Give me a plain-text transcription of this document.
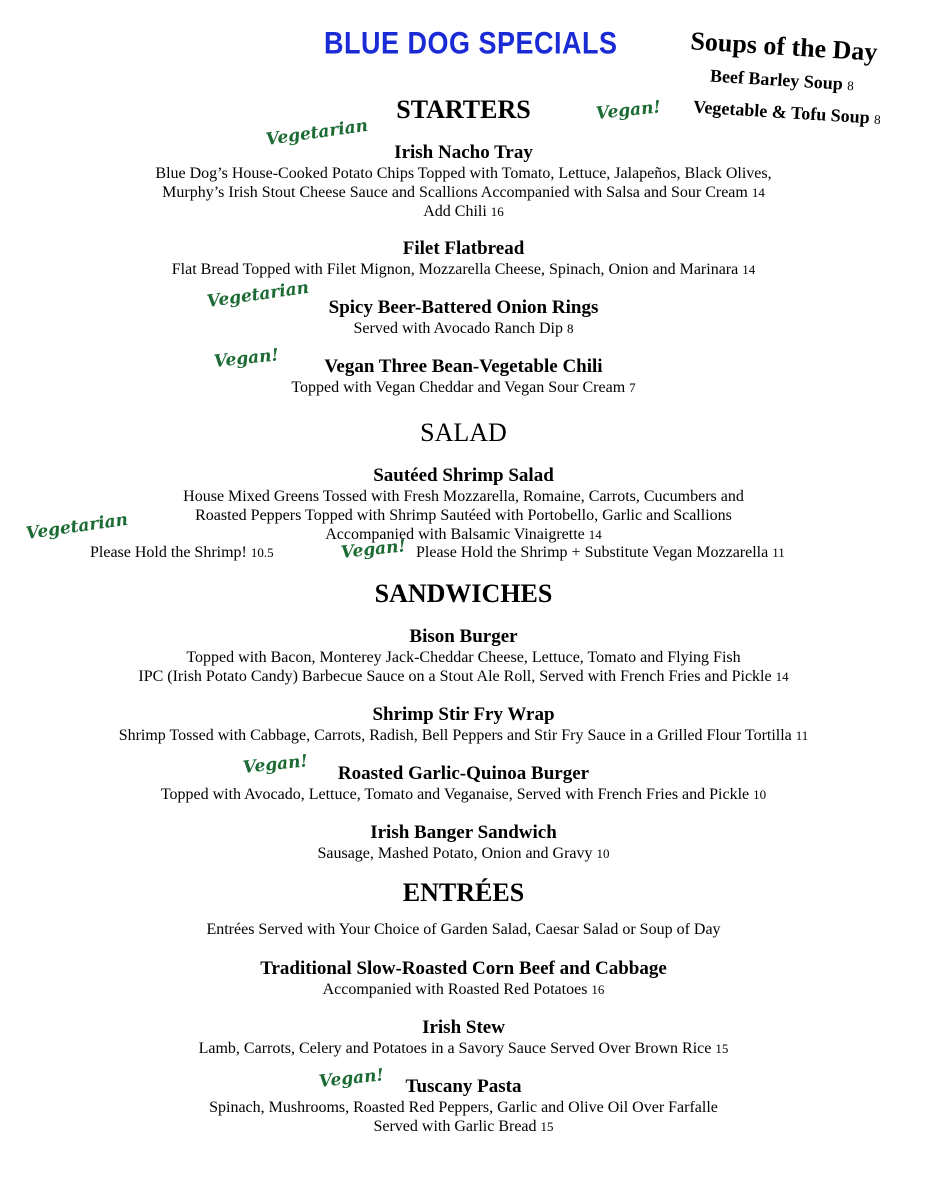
BLUE DOG SPECIALS	Soups of the Day
Beef Barley Soup 8
Vegetable & Tofu Soup 8
Vegan!
STARTERS
Vegetarian
Irish Nacho Tray
Blue Dog’s House-Cooked Potato Chips Topped with Tomato, Lettuce, Jalapeños, Black Olives,
Murphy’s Irish Stout Cheese Sauce and Scallions Accompanied with Salsa and Sour Cream 14
Add Chili 16
Filet Flatbread
Flat Bread Topped with Filet Mignon, Mozzarella Cheese, Spinach, Onion and Marinara 14
Vegetarian Spicy Beer-Battered Onion Rings
Served with Avocado Ranch Dip 8
Vegan!	Vegan Three Bean-Vegetable Chili
Topped with Vegan Cheddar and Vegan Sour Cream 7
SALAD
Sautéed Shrimp Salad
House Mixed Greens Tossed with Fresh Mozzarella, Romaine, Carrots, Cucumbers and
Roasted Peppers Topped with Shrimp Sautéed with Portobello, Garlic and Scallions
Accompanied with Balsamic Vinaigrette 14
Vegetarian
Please Hold the Shrimp! 10.5	Vegan! Please Hold the Shrimp + Substitute Vegan Mozzarella 11
SANDWICHES
Bison Burger
Topped with Bacon, Monterey Jack-Cheddar Cheese, Lettuce, Tomato and Flying Fish
IPC (Irish Potato Candy) Barbecue Sauce on a Stout Ale Roll, Served with French Fries and Pickle 14
Shrimp Stir Fry Wrap
Shrimp Tossed with Cabbage, Carrots, Radish, Bell Peppers and Stir Fry Sauce in a Grilled Flour Tortilla 11
Vegan!	Roasted Garlic-Quinoa Burger
Topped with Avocado, Lettuce, Tomato and Veganaise, Served with French Fries and Pickle 10
Irish Banger Sandwich
Sausage, Mashed Potato, Onion and Gravy 10
ENTRÉES
Entrées Served with Your Choice of Garden Salad, Caesar Salad or Soup of Day
Traditional Slow-Roasted Corn Beef and Cabbage
Accompanied with Roasted Red Potatoes 16
Irish Stew
Lamb, Carrots, Celery and Potatoes in a Savory Sauce Served Over Brown Rice 15
Vegan!	Tuscany Pasta
Spinach, Mushrooms, Roasted Red Peppers, Garlic and Olive Oil Over Farfalle
Served with Garlic Bread 15
